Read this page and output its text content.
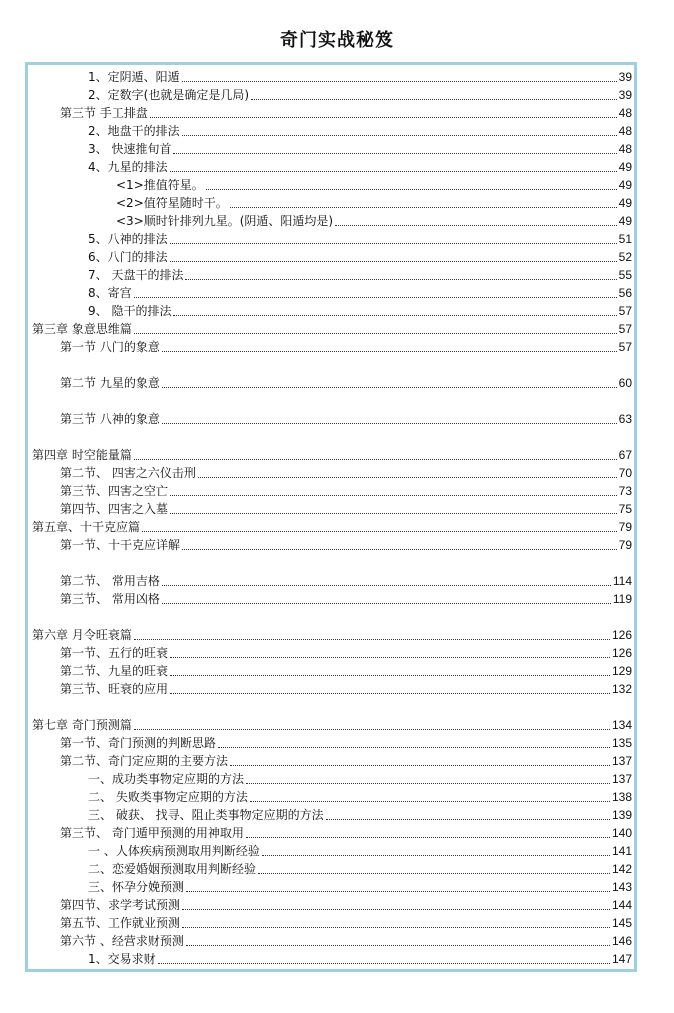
奇门实战秘笈
1、定阴遁、阳遁	39
2、定数字(也就是确定是几局)	39
第三节 手工排盘	48
2、地盘干的排法	48
3、 快速推旬首	48
4、九星的排法	49
<1>推值符星。	49
<2>值符星随时干。	49
<3>顺时针排列九星。(阴遁、阳遁均是)	49
5、八神的排法	51
6、八门的排法	52
7、 天盘干的排法	55
8、寄宫	56
9、 隐干的排法	57
第三章 象意思维篇	57
第一节 八门的象意	57
第二节 九星的象意	60
第三节 八神的象意	63
第四章 时空能量篇	67
第二节、 四害之六仪击刑	70
第三节、四害之空亡	73
第四节、四害之入墓	75
第五章、十干克应篇	79
第一节、十干克应详解	79
第二节、 常用吉格	114
第三节、 常用凶格	119
第六章 月令旺衰篇	126
第一节、五行的旺衰	126
第二节、九星的旺衰	129
第三节、旺衰的应用	132
第七章 奇门预测篇	134
第一节、奇门预测的判断思路	135
第二节、奇门定应期的主要方法	137
一、成功类事物定应期的方法	137
二、 失败类事物定应期的方法	138
三、 破获、 找寻、阻止类事物定应期的方法	139
第三节、 奇门遁甲预测的用神取用	140
一 、人体疾病预测取用判断经验	141
二、恋爱婚姻预测取用判断经验	142
三、怀孕分娩预测	143
第四节、求学考试预测	144
第五节、工作就业预测	145
第六节 、经营求财预测	146
1、交易求财	147
